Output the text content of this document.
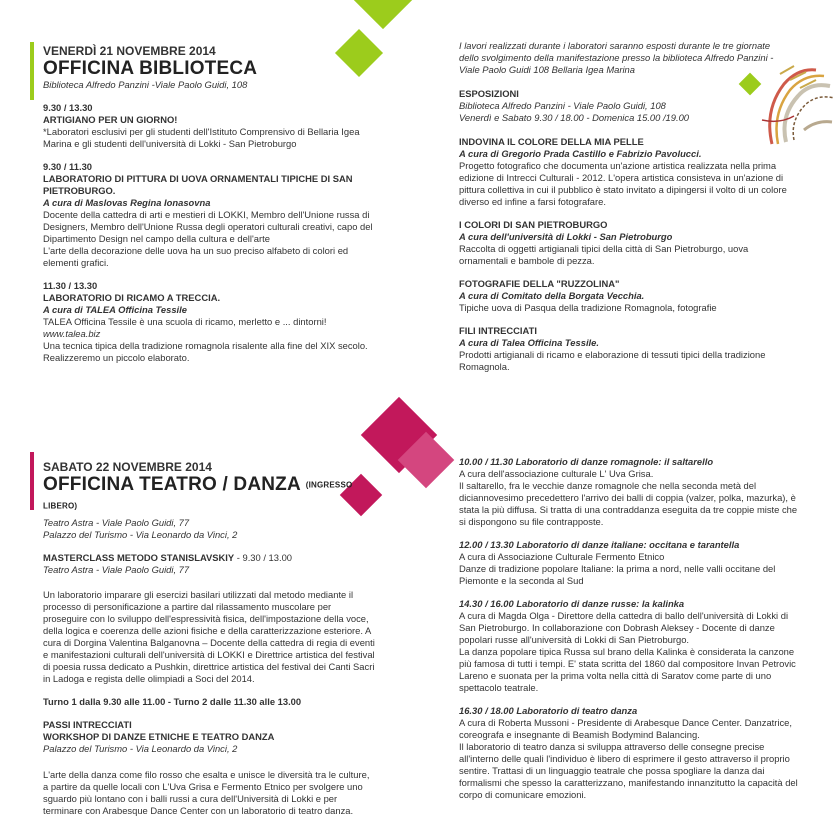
VENERDÌ 21 NOVEMBRE 2014
OFFICINA BIBLIOTECA
Biblioteca Alfredo Panzini -Viale Paolo Guidi, 108
9.30 / 13.30
ARTIGIANO PER UN GIORNO!

*Laboratori esclusivi per gli studenti dell'Istituto Comprensivo di Bellaria Igea Marina e gli studenti dell'università di Lokki - San Pietroburgo

9.30 / 11.30
LABORATORIO DI PITTURA DI UOVA ORNAMENTALI TIPICHE DI SAN PIETROBURGO.
A cura di Maslovas Regina Ionasovna

Docente della cattedra di arti e mestieri di LOKKI, Membro dell'Unione russa di Designers, Membro dell'Unione Russa degli operatori culturali creativi, capo del Dipartimento Design nel campo della cultura e dell'arte

L'arte della decorazione delle uova ha un suo preciso alfabeto di colori ed elementi grafici.

11.30 / 13.30
LABORATORIO DI RICAMO A TRECCIA.
A cura di TALEA Officina Tessile

TALEA Officina Tessile è una scuola di ricamo, merletto e ... dintorni!

www.talea.biz

Una tecnica tipica della tradizione romagnola risalente alla fine del XIX secolo. Realizzeremo un piccolo elaborato.

I lavori realizzati durante i laboratori saranno esposti durante le tre giornate dello svolgimento della manifestazione presso la biblioteca Alfredo Panzini - Viale Paolo Guidi 108 Bellaria Igea Marina

ESPOSIZIONI
Biblioteca Alfredo Panzini - Viale Paolo Guidi, 108
Venerdì e Sabato 9.30 / 18.00 - Domenica 15.00 /19.00
INDOVINA IL COLORE DELLA MIA PELLE
A cura di Gregorio Prada Castillo e Fabrizio Pavolucci.

Progetto fotografico che documenta un'azione artistica realizzata nella prima edizione di Intrecci Culturali - 2012. L'opera artistica consisteva in un'azione di pittura collettiva in cui il pubblico è stato invitato a dipingersi il volto di un colore diverso ed infine a farsi fotografare.

I COLORI DI SAN PIETROBURGO
A cura dell'università di Lokki - San Pietroburgo

Raccolta di oggetti artigianali tipici della città di San Pietroburgo, uova ornamentali e bambole di pezza.

FOTOGRAFIE DELLA "RUZZOLINA"
A cura di Comitato della Borgata Vecchia.

Tipiche uova di Pasqua della tradizione Romagnola, fotografie

FILI INTRECCIATI
A cura di Talea Officina Tessile.

Prodotti artigianali di ricamo e elaborazione di tessuti tipici della tradizione Romagnola.

SABATO 22 NOVEMBRE 2014
OFFICINA TEATRO / DANZA (INGRESSO LIBERO)
Teatro Astra - Viale Paolo Guidi, 77
Palazzo del Turismo - Via Leonardo da Vinci, 2
MASTERCLASS METODO STANISLAVSKIY - 9.30 / 13.00
Teatro Astra - Viale Paolo Guidi, 77

Un laboratorio imparare gli esercizi basilari utilizzati dal metodo mediante il processo di personificazione a partire dal rilassamento muscolare per proseguire con lo sviluppo dell'espressività fisica, dell'impostazione della voce, della logica e coerenza delle azioni fisiche e della caratterizzazione esteriore. A cura di Dorgina Valentina Balganovna – Docente della cattedra di regia di eventi e manifestazioni culturali dell'università di LOKKI e Direttrice artistica del festival di poesia russa dedicato a Pushkin, direttrice artistica del festival dei Canti Sacri in Ladoga e regista delle olimpiadi a Soci del 2014.

Turno 1 dalla 9.30 alle 11.00 - Turno 2 dalle 11.30 alle 13.00

PASSI INTRECCIATI
WORKSHOP DI DANZE ETNICHE E TEATRO DANZA
Palazzo del Turismo - Via Leonardo da Vinci, 2

L'arte della danza come filo rosso che esalta e unisce le diversità tra le culture, a partire da quelle locali con L'Uva Grisa e Fermento Etnico per svolgere uno sguardo più lontano con i balli russi a cura dell'Università di Lokki e per terminare con Arabesque Dance Center con un laboratorio di teatro danza.

10.00 / 11.30 Laboratorio di danze romagnole: il saltarello
A cura dell'associazione culturale L' Uva Grisa.

Il saltarello, fra le vecchie danze romagnole che nella seconda metà del diciannovesimo precedettero l'arrivo dei balli di coppia (valzer, polka, mazurka), è stata la più diffusa. Si tratta di una contraddanza eseguita da tre coppie miste che si dispongono su file contrapposte.

12.00 / 13.30 Laboratorio di danze italiane: occitana e tarantella
A cura di Associazione Culturale Fermento Etnico

Danze di tradizione popolare Italiane: la prima a nord, nelle valli occitane del Piemonte e la seconda al Sud

14.30 / 16.00 Laboratorio di danze russe: la kalinka
A cura di Magda Olga - Direttore della cattedra di ballo dell'università di Lokki di San Pietroburgo. In collaborazione con Dobrash Aleksey - Docente di danze popolari russe all'università di Lokki di San Pietroburgo.

La danza popolare tipica Russa sul brano della Kalinka è considerata la canzone più famosa di tutti i tempi. E' stata scritta del 1860 dal compositore Invan Petrovic Lareno e suonata per la prima volta nella città di Saratov come parte di uno spettacolo teatrale.

16.30 / 18.00 Laboratorio di teatro danza
A cura di Roberta Mussoni - Presidente di Arabesque Dance Center. Danzatrice, coreografa e insegnante di Beamish Bodymind Balancing.

Il laboratorio di teatro danza si sviluppa attraverso delle consegne precise all'interno delle quali l'individuo è libero di esprimere il gesto attraverso il proprio sentire. Trattasi di un linguaggio teatrale che possa spogliare la danza dai formalismi che spesso la caratterizzano, manifestando innanzitutto la capacità del corpo di comunicare emozioni.
